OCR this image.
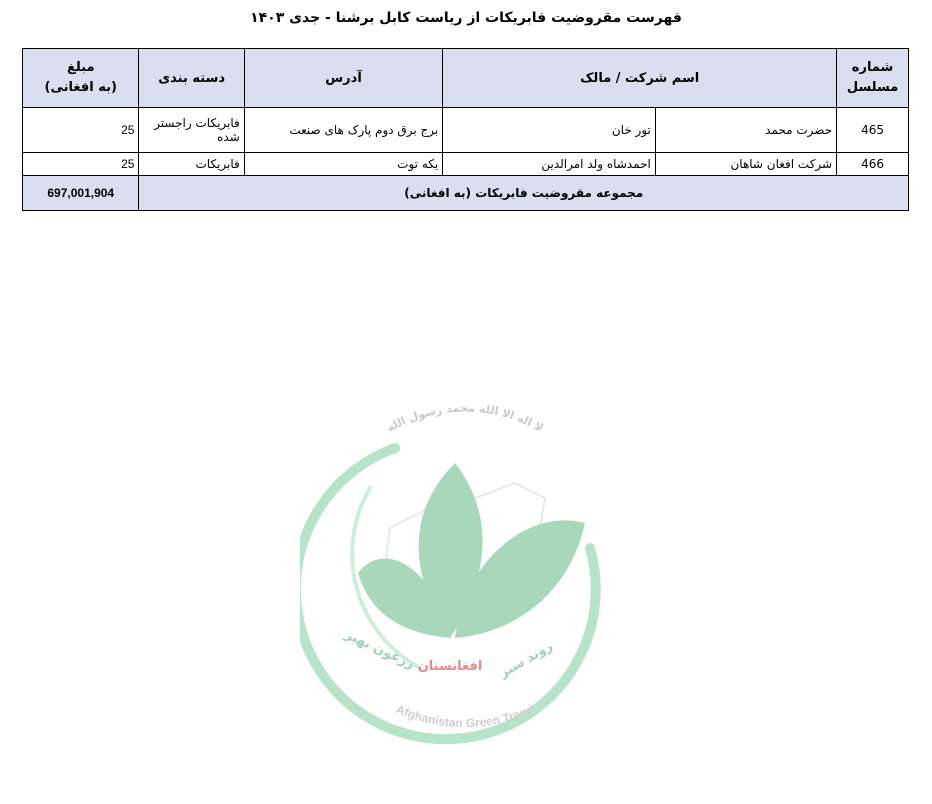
فهرست مقروضیت فابریکات از ریاست کابل برشنا - جدی ۱۴۰۳
شماره
مسلسل	اسم شرکت / مالک		آدرس	دسته بندی	مبلغ
(به افغانی)

465	حضرت محمد	تور خان	برج برق دوم پارک های صنعت	فابریکات راجستر شده	25
466	شرکت افغان شاهان	احمدشاه ولد امرالدین	یکه توت	فابریکات	25
مجموعه مقروضیت فابریکات (به افغانی)					697,001,904
لا اله الا الله محمد رسول الله
روند سبز
افغانستان
زرغون بهیر
Afghanistan Green Trend
